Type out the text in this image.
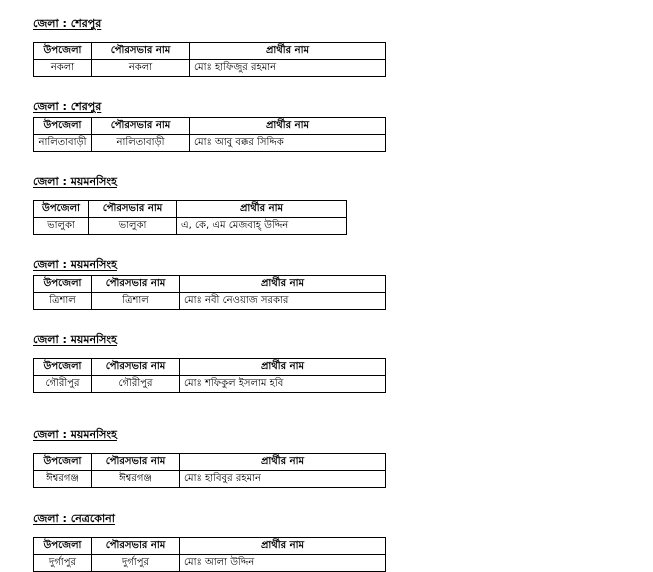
জেলা : শেরপুর
উপজেলা	পৌরসভার নাম	প্রার্থীর নাম
নকলা	নকলা	মোঃ হাফিজুর রহমান
জেলা : শেরপুর
উপজেলা	পৌরসভার নাম	প্রার্থীর নাম
নালিতাবাড়ী	নালিতাবাড়ী	মোঃ আবু বক্কর সিদ্দিক
জেলা : ময়মনসিংহ
উপজেলা	পৌরসভার নাম	প্রার্থীর নাম
ভালুকা	ভালুকা	এ, কে, এম মেজবাহ্‌ উদ্দিন
জেলা : ময়মনসিংহ
উপজেলা	পৌরসভার নাম	প্রার্থীর নাম
ত্রিশাল	ত্রিশাল	মোঃ নবী নেওয়াজ সরকার
জেলা : ময়মনসিংহ
উপজেলা	পৌরসভার নাম	প্রার্থীর নাম
গৌরীপুর	গৌরীপুর	মোঃ শফিকুল ইসলাম হবি
জেলা : ময়মনসিংহ
উপজেলা	পৌরসভার নাম	প্রার্থীর নাম
ঈশ্বরগঞ্জ	ঈশ্বরগঞ্জ	মোঃ হাবিবুর রহমান
জেলা : নেত্রকোনা
উপজেলা	পৌরসভার নাম	প্রার্থীর নাম
দুর্গাপুর	দুর্গাপুর	মোঃ আলা উদ্দিন
